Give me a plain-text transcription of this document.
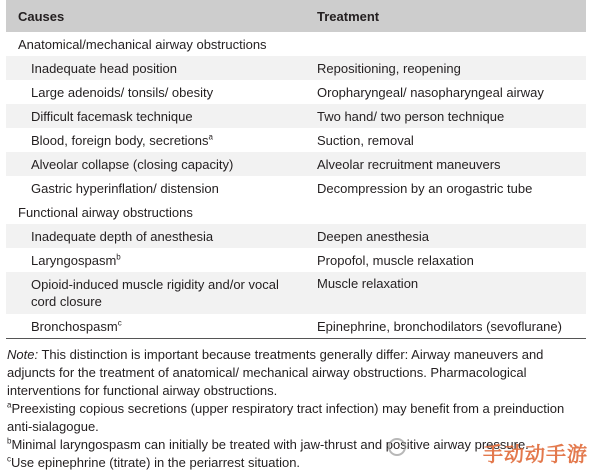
Causes	Treatment
Anatomical/mechanical airway obstructions	
Inadequate head position	Repositioning, reopening
Large adenoids/ tonsils/ obesity	Oropharyngeal/ nasopharyngeal airway
Difficult facemask technique	Two hand/ two person technique
Blood, foreign body, secretions$^a$	Suction, removal
Alveolar collapse (closing capacity)	Alveolar recruitment maneuvers
Gastric hyperinflation/ distension	Decompression by an orogastric tube
Functional airway obstructions	
Inadequate depth of anesthesia	Deepen anesthesia
Laryngospasm$^b$	Propofol, muscle relaxation
Opioid-induced muscle rigidity and/or vocal cord closure	Muscle relaxation
Bronchospasm$^c$	Epinephrine, bronchodilators (sevoflurane)

Note: This distinction is important because treatments generally differ: Airway maneuvers and adjuncts for the treatment of anatomical/ mechanical airway obstructions. Pharmacological interventions for functional airway obstructions.

$^a$Preexisting copious secretions (upper respiratory tract infection) may benefit from a preinduction anti-sialagogue.

$^b$Minimal laryngospasm can initially be treated with jaw-thrust and positive airway pressure.

$^c$Use epinephrine (titrate) in the periarrest situation.	手动动手游
